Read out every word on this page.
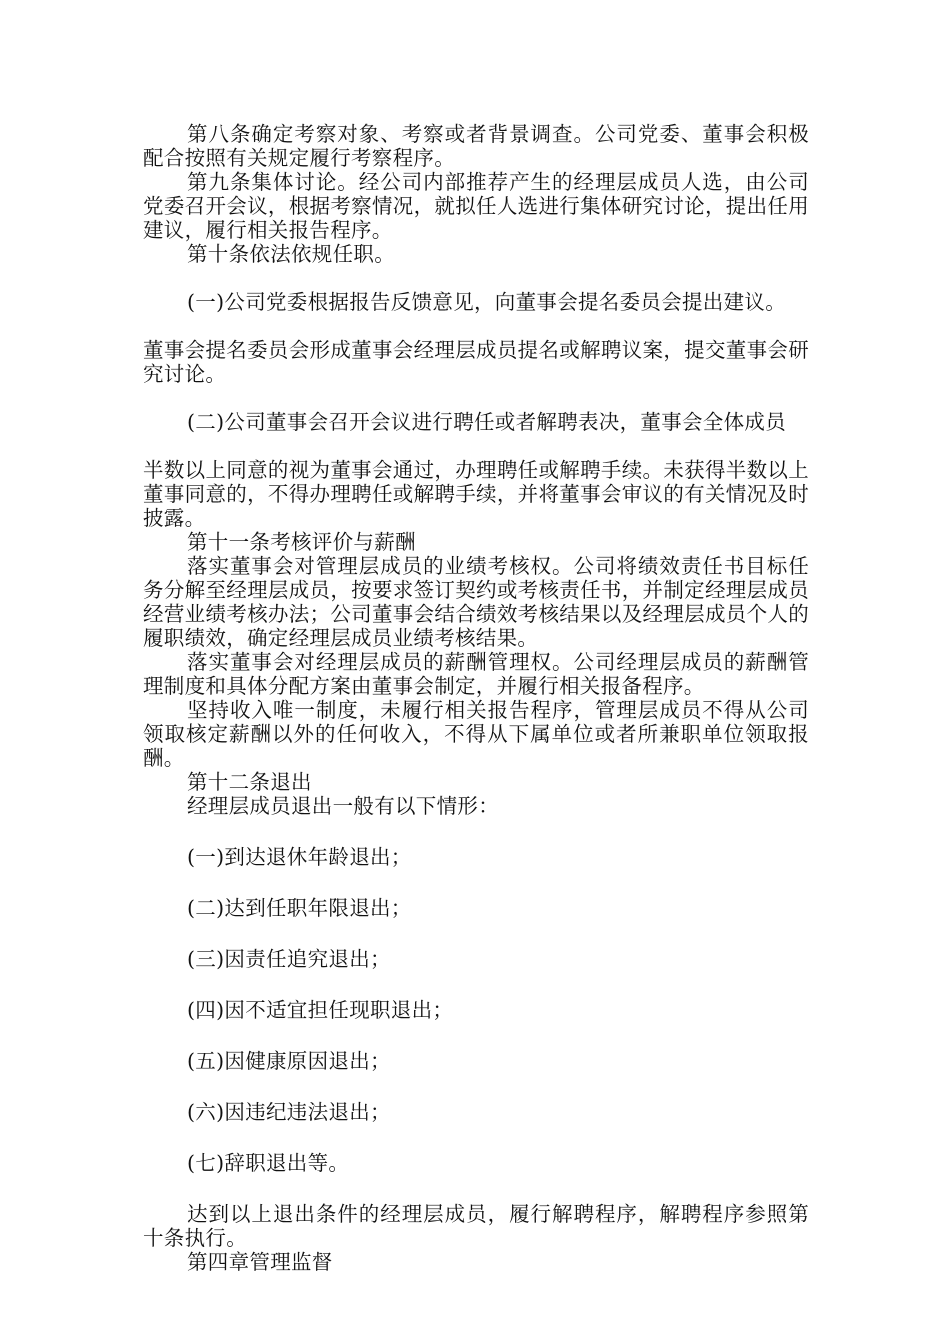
第八条确定考察对象、考察或者背景调查。公司党委、董事会积极配合按照有关规定履行考察程序。

第九条集体讨论。经公司内部推荐产生的经理层成员人选，由公司党委召开会议，根据考察情况，就拟任人选进行集体研究讨论，提出任用建议，履行相关报告程序。

第十条依法依规任职。

(一)公司党委根据报告反馈意见，向董事会提名委员会提出建议。

董事会提名委员会形成董事会经理层成员提名或解聘议案，提交董事会研究讨论。

(二)公司董事会召开会议进行聘任或者解聘表决，董事会全体成员

半数以上同意的视为董事会通过，办理聘任或解聘手续。未获得半数以上董事同意的，不得办理聘任或解聘手续，并将董事会审议的有关情况及时披露。

第十一条考核评价与薪酬

落实董事会对管理层成员的业绩考核权。公司将绩效责任书目标任务分解至经理层成员，按要求签订契约或考核责任书，并制定经理层成员经营业绩考核办法；公司董事会结合绩效考核结果以及经理层成员个人的履职绩效，确定经理层成员业绩考核结果。

落实董事会对经理层成员的薪酬管理权。公司经理层成员的薪酬管理制度和具体分配方案由董事会制定，并履行相关报备程序。

坚持收入唯一制度，未履行相关报告程序，管理层成员不得从公司领取核定薪酬以外的任何收入，不得从下属单位或者所兼职单位领取报酬。

第十二条退出

经理层成员退出一般有以下情形：

(一)到达退休年龄退出；

(二)达到任职年限退出；

(三)因责任追究退出；

(四)因不适宜担任现职退出；

(五)因健康原因退出；

(六)因违纪违法退出；

(七)辞职退出等。

达到以上退出条件的经理层成员，履行解聘程序，解聘程序参照第十条执行。

第四章管理监督
